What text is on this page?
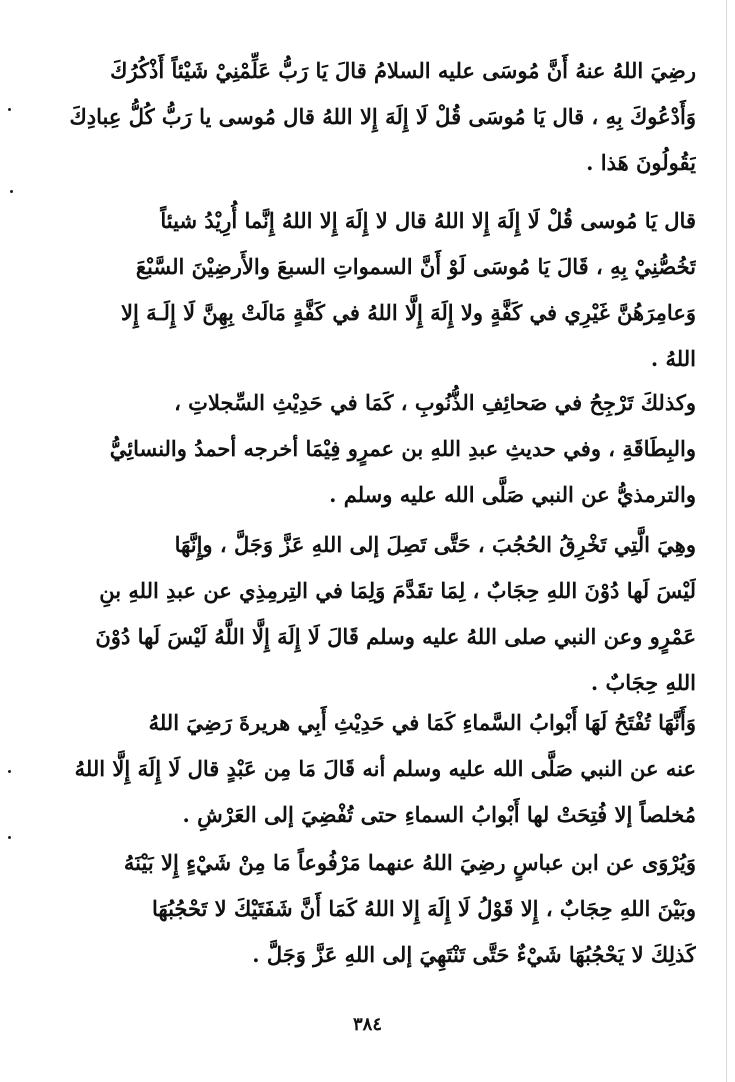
رضِيَ اللهُ عنهُ أَنَّ مُوسَى عليه السلامُ قالَ يَا رَبُّ عَلِّمْنِيْ شَيْئاً أَذْكُرُكَ
وَأَدْعُوكَ بِهِ ، قال يَا مُوسَى قُلْ لَا إِلَهَ إِلا اللهُ قال مُوسى يا رَبُّ كُلُّ عِبادِكَ
يَقُولُونَ هَذا .
قال يَا مُوسى قُلْ لَا إِلَهَ إِلا اللهُ قال لا إِلَهَ إِلا اللهُ إِنَّما أُرِيْدُ شيئاً
تَخُصُّنِيْ بِهِ ، قَالَ يَا مُوسَى لَوْ أَنَّ السمواتِ السبعَ والأَرضِيْنَ السَّبْعَ
وَعامِرَهُنَّ غَيْرِي في كَفَّةٍ ولا إِلَهَ إِلَّا اللهُ في كَفَّةٍ مَالَتْ بِهِنَّ لَا إِلَـهَ إِلا
اللهُ .
وكذلكَ تَرْجِحُ في صَحائِفِ الذُّنُوبِ ، كَمَا في حَدِيْثِ السِّجلاتِ ،
والبِطَاقَةِ ، وفي حديثِ عبدِ اللهِ بن عمرٍو فِيْمَا أخرجه أحمدُ والنسائِيُّ
والترمذيُّ عن النبي صَلَّى الله عليه وسلم .
وهِيَ الَّتِي تَخْرِقُ الحُجُبَ ، حَتَّى تَصِلَ إلى اللهِ عَزَّ وَجَلَّ ، وإِنَّهَا
لَيْسَ لَها دُوْنَ اللهِ حِجَابٌ ، لِمَا تقَدَّمَ وَلِمَا في التِرمِذِي عن عبدِ اللهِ بنِ
عَمْرٍو وعن النبي صلى اللهُ عليه وسلم قَالَ لَا إِلَهَ إِلَّا اللَّهُ لَيْسَ لَها دُوْنَ
اللهِ حِجَابٌ .
وَأَنَّهَا تُفْتَحُ لَهَا أَبْوابُ السَّماءِ كَمَا في حَدِيْثِ أَبِي هريرةَ رَضِيَ اللهُ
عنه عن النبي صَلَّى الله عليه وسلم أنه قَالَ مَا مِن عَبْدٍ قال لَا إِلَهَ إِلَّا اللهُ
مُخلصاً إلا فُتِحَتْ لها أَبْوابُ السماءِ حتى تُفْضِيَ إلى العَرْشِ .
وَيُرْوَى عن ابن عباسٍ رضِيَ اللهُ عنهما مَرْفُوعاً مَا مِنْ شَيْءٍ إِلا بَيْنَهُ
وبَيْنَ اللهِ حِجَابٌ ، إِلا قَوْلُ لَا إِلَهَ إِلا اللهُ كَمَا أَنَّ شَفَتَيْكَ لا تَحْجُبُهَا
كَذلِكَ لا يَحْجُبُهَا شَيْءٌ حَتَّى تَنْتَهِيَ إلى اللهِ عَزَّ وَجَلَّ .
٣٨٤
